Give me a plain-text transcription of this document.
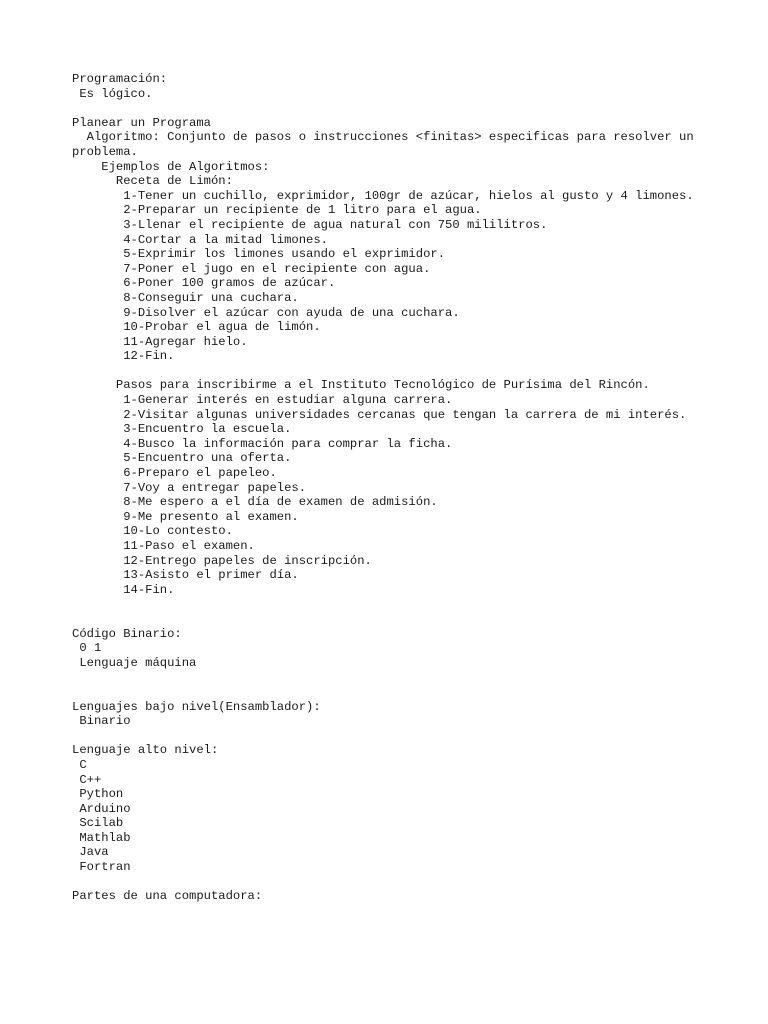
Programación:
Es lógico.
Planear un Programa
Algoritmo: Conjunto de pasos o instrucciones <finitas> especificas para resolver un problema.
Ejemplos de Algoritmos:
Receta de Limón:
1-Tener un cuchillo, exprimidor, 100gr de azúcar, hielos al gusto y 4 limones.
2-Preparar un recipiente de 1 litro para el agua.
3-Llenar el recipiente de agua natural con 750 mililitros.
4-Cortar a la mitad limones.
5-Exprimir los limones usando el exprimidor.
7-Poner el jugo en el recipiente con agua.
6-Poner 100 gramos de azúcar.
8-Conseguir una cuchara.
9-Disolver el azúcar con ayuda de una cuchara.
10-Probar el agua de limón.
11-Agregar hielo.
12-Fin.
Pasos para inscribirme a el Instituto Tecnológico de Purísima del Rincón.
1-Generar interés en estudiar alguna carrera.
2-Visitar algunas universidades cercanas que tengan la carrera de mi interés.
3-Encuentro la escuela.
4-Busco la información para comprar la ficha.
5-Encuentro una oferta.
6-Preparo el papeleo.
7-Voy a entregar papeles.
8-Me espero a el día de examen de admisión.
9-Me presento al examen.
10-Lo contesto.
11-Paso el examen.
12-Entrego papeles de inscripción.
13-Asisto el primer día.
14-Fin.
Código Binario:
0 1
Lenguaje máquina
Lenguajes bajo nivel(Ensamblador):
Binario
Lenguaje alto nivel:
C
C++
Python
Arduino
Scilab
Mathlab
Java
Fortran
Partes de una computadora:
